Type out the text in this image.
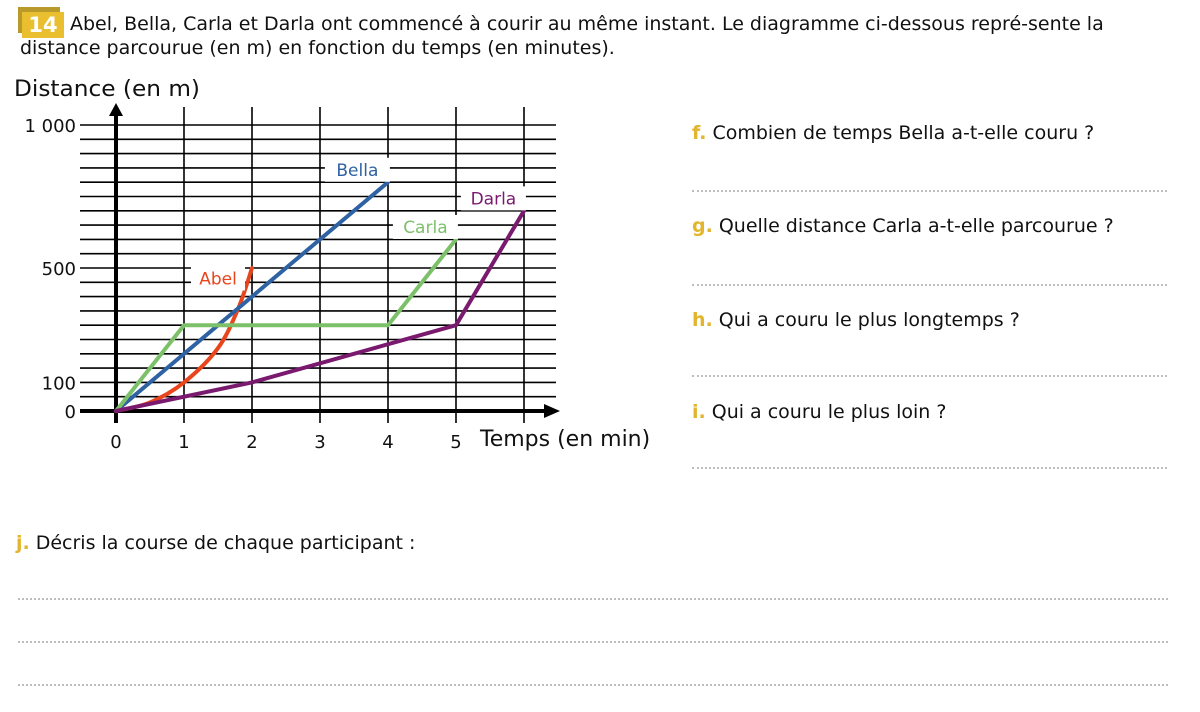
14 Abel, Bella, Carla et Darla ont commencé à courir au même instant. Le diagramme ci-dessous repré-sente la distance parcourue (en m) en fonction du temps (en minutes).

Distance (en m)
Temps (en min)
0
100
500
1 000
0	1	2	3	4	5
Abel
Bella
Carla
Darla
f. Combien de temps Bella a-t-elle couru ?
g. Quelle distance Carla a-t-elle parcourue ?
h. Qui a couru le plus longtemps ?
i. Qui a couru le plus loin ?
j. Décris la course de chaque participant :
